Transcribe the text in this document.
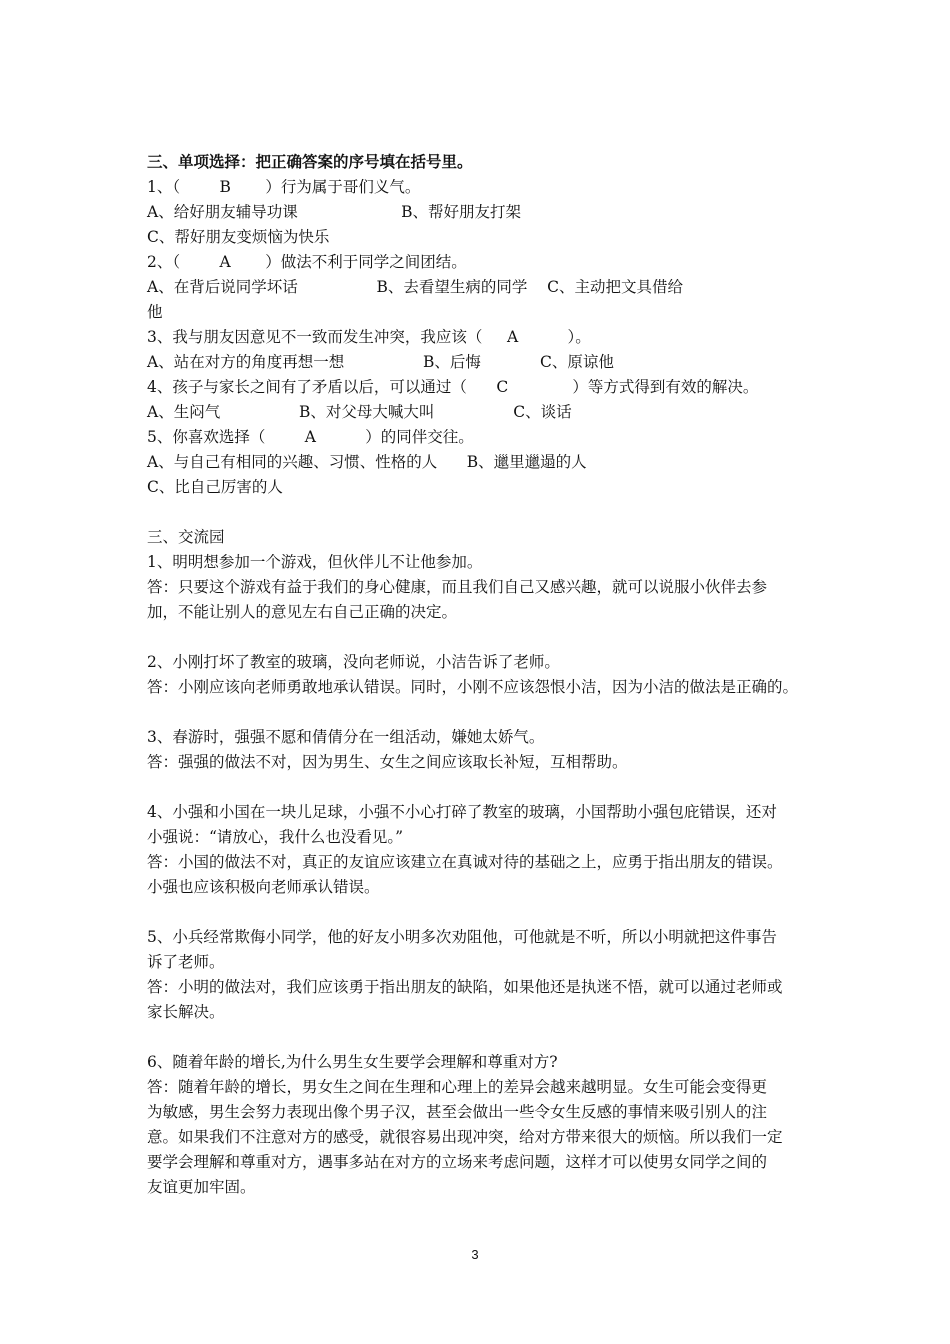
三、单项选择：把正确答案的序号填在括号里。
1、（        B       ）行为属于哥们义气。
A、给好朋友辅导功课                     B、帮好朋友打架
C、帮好朋友变烦恼为快乐
2、（        A       ）做法不利于同学之间团结。
A、在背后说同学坏话                B、去看望生病的同学    C、主动把文具借给
他
3、我与朋友因意见不一致而发生冲突，我应该（     A          ）。
A、站在对方的角度再想一想                B、后悔            C、原谅他
4、孩子与家长之间有了矛盾以后，可以通过（      C             ）等方式得到有效的解决。
A、生闷气                B、对父母大喊大叫                C、谈话
5、你喜欢选择（        A          ）的同伴交往。
A、与自己有相同的兴趣、习惯、性格的人      B、邋里邋遢的人
C、比自己厉害的人
三、交流园
1、明明想参加一个游戏，但伙伴儿不让他参加。
答：只要这个游戏有益于我们的身心健康，而且我们自己又感兴趣，就可以说服小伙伴去参
加，不能让别人的意见左右自己正确的决定。
2、小刚打坏了教室的玻璃，没向老师说，小洁告诉了老师。
答：小刚应该向老师勇敢地承认错误。同时，小刚不应该怨恨小洁，因为小洁的做法是正确的。
3、春游时，强强不愿和倩倩分在一组活动，嫌她太娇气。
答：强强的做法不对，因为男生、女生之间应该取长补短，互相帮助。
4、小强和小国在一块儿足球，小强不小心打碎了教室的玻璃，小国帮助小强包庇错误，还对
小强说：“请放心，我什么也没看见。”
答：小国的做法不对，真正的友谊应该建立在真诚对待的基础之上，应勇于指出朋友的错误。
小强也应该积极向老师承认错误。
5、小兵经常欺侮小同学，他的好友小明多次劝阻他，可他就是不听，所以小明就把这件事告
诉了老师。
答：小明的做法对，我们应该勇于指出朋友的缺陷，如果他还是执迷不悟，就可以通过老师或
家长解决。
6、随着年龄的增长,为什么男生女生要学会理解和尊重对方?
答：随着年龄的增长，男女生之间在生理和心理上的差异会越来越明显。女生可能会变得更
为敏感，男生会努力表现出像个男子汉，甚至会做出一些令女生反感的事情来吸引别人的注
意。如果我们不注意对方的感受，就很容易出现冲突，给对方带来很大的烦恼。所以我们一定
要学会理解和尊重对方，遇事多站在对方的立场来考虑问题，这样才可以使男女同学之间的
友谊更加牢固。
3
